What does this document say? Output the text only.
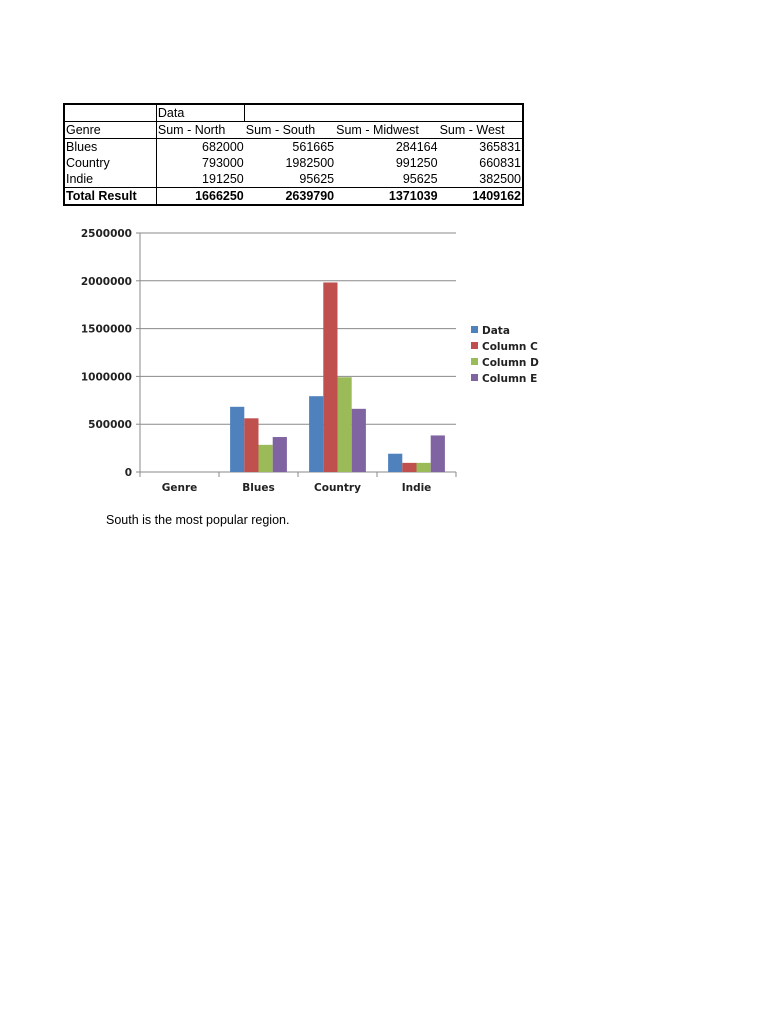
	Data			
Genre	Sum - North	Sum - South	Sum - Midwest	Sum - West
Blues	682000	561665	284164	365831
Country	793000	1982500	991250	660831
Indie	191250	95625	95625	382500
Total Result	1666250	2639790	1371039	1409162
0
500000
1000000
1500000
2000000
2500000
Genre	Blues	Country	Indie
Data
Column C
Column D
Column E
South is the most popular region.
